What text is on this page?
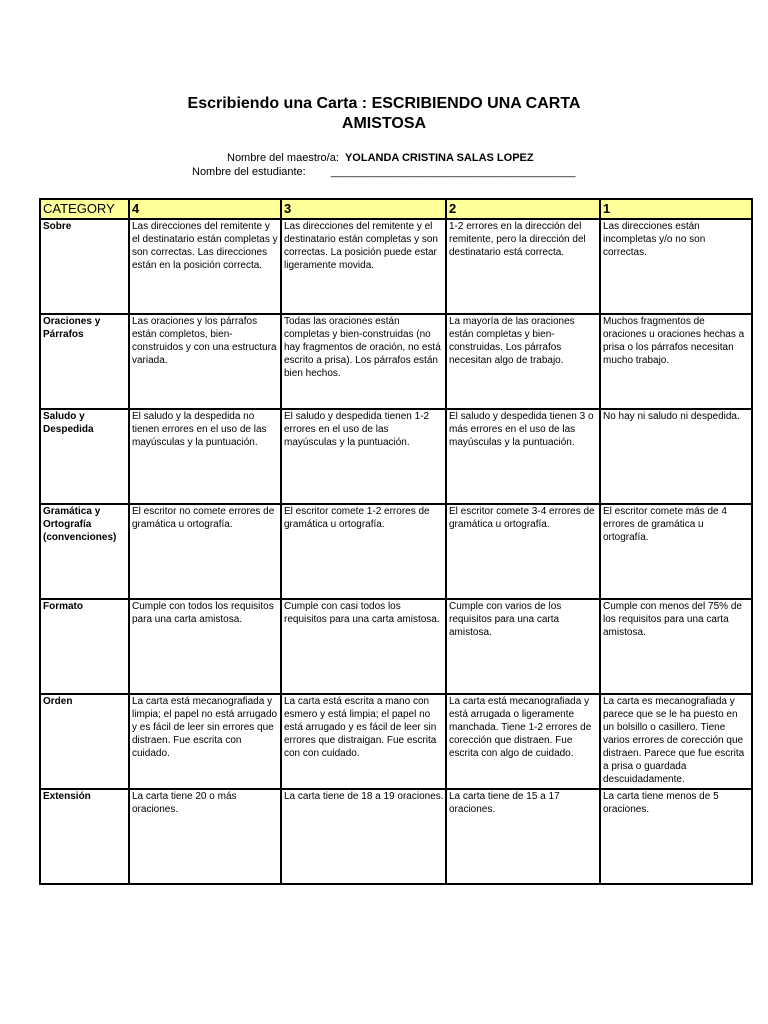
Escribiendo una Carta : ESCRIBIENDO UNA CARTA
AMISTOSA
Nombre del maestro/a: YOLANDA CRISTINA SALAS LOPEZ
Nombre del estudiante: ________________________________________
CATEGORY	4	3	2	1
Sobre	Las direcciones del remitente y el destinatario están completas y son correctas. Las direcciones están en la posición correcta.	Las direcciones del remitente y el destinatario están completas y son correctas. La posición puede estar ligeramente movida.	1-2 errores en la dirección del remitente, pero la dirección del destinatario está correcta.	Las direcciones están incompletas y/o no son correctas.
Oraciones y Párrafos	Las oraciones y los párrafos están completos, bien-construidos y con una estructura variada.	Todas las oraciones están completas y bien-construidas (no hay fragmentos de oración, no está escrito a prisa). Los párrafos están bien hechos.	La mayoría de las oraciones están completas y bien-construidas. Los párrafos necesitan algo de trabajo.	Muchos fragmentos de oraciones u oraciones hechas a prisa o los párrafos necesitan mucho trabajo.
Saludo y Despedida	El saludo y la despedida no tienen errores en el uso de las mayúsculas y la puntuación.	El saludo y despedida tienen 1-2 errores en el uso de las mayúsculas y la puntuación.	El saludo y despedida tienen 3 o más errores en el uso de las mayúsculas y la puntuación.	No hay ni saludo ni despedida.
Gramática y Ortografía (convenciones)	El escritor no comete errores de gramática u ortografía.	El escritor comete 1-2 errores de gramática u ortografía.	El escritor comete 3-4 errores de gramática u ortografía.	El escritor comete más de 4 errores de gramática u ortografía.
Formato	Cumple con todos los requisitos para una carta amistosa.	Cumple con casi todos los requisitos para una carta amistosa.	Cumple con varios de los requisitos para una carta amistosa.	Cumple con menos del 75% de los requisitos para una carta amistosa.
Orden	La carta está mecanografiada y limpia; el papel no está arrugado y es fácil de leer sin errores que distraen. Fue escrita con cuidado.	La carta está escrita a mano con esmero y está limpia; el papel no está arrugado y es fácil de leer sin errores que distraigan. Fue escrita con con cuidado.	La carta está mecanografiada y está arrugada o ligeramente manchada. Tiene 1-2 errores de corección que distraen. Fue escrita con algo de cuidado.	La carta es mecanografiada y parece que se le ha puesto en un bolsillo o casillero. Tiene varios errores de corección que distraen. Parece que fue escrita a prisa o guardada descuidadamente.
Extensión	La carta tiene 20 o más oraciones.	La carta tiene de 18 a 19 oraciones.	La carta tiene de 15 a 17 oraciones.	La carta tiene menos de 5 oraciones.
